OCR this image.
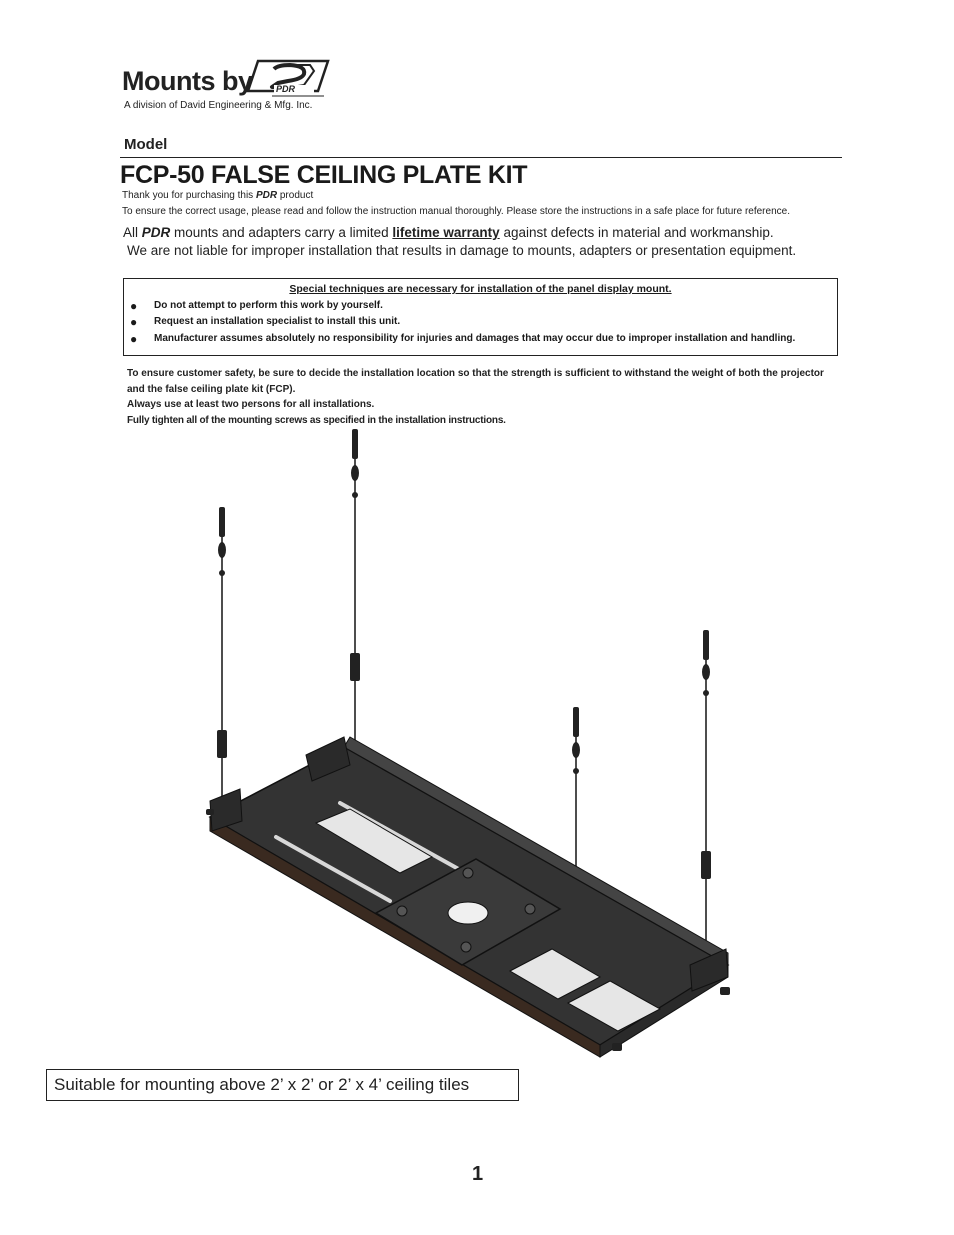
Mounts by	PDR
A division of David Engineering & Mfg. Inc.
Model
FCP-50 FALSE CEILING PLATE KIT
Thank you for purchasing this PDR product
To ensure the correct usage, please read and follow the instruction manual thoroughly. Please store the instructions in a safe place for future reference.
All PDR mounts and adapters carry a limited lifetime warranty against defects in material and workmanship.
We are not liable for improper installation that results in damage to mounts, adapters or presentation equipment.
Special techniques are necessary for installation of the panel display mount.
● Do not attempt to perform this work by yourself.
● Request an installation specialist to install this unit.
● Manufacturer assumes absolutely no responsibility for injuries and damages that may occur due to improper installation and handling.

To ensure customer safety, be sure to decide the installation location so that the strength is sufficient to withstand the weight of both the projector

and the false ceiling plate kit (FCP).

Always use at least two persons for all installations.

Fully tighten all of the mounting screws as specified in the installation instructions.

Suitable for mounting above 2’ x 2’ or 2’ x 4’ ceiling tiles
1
